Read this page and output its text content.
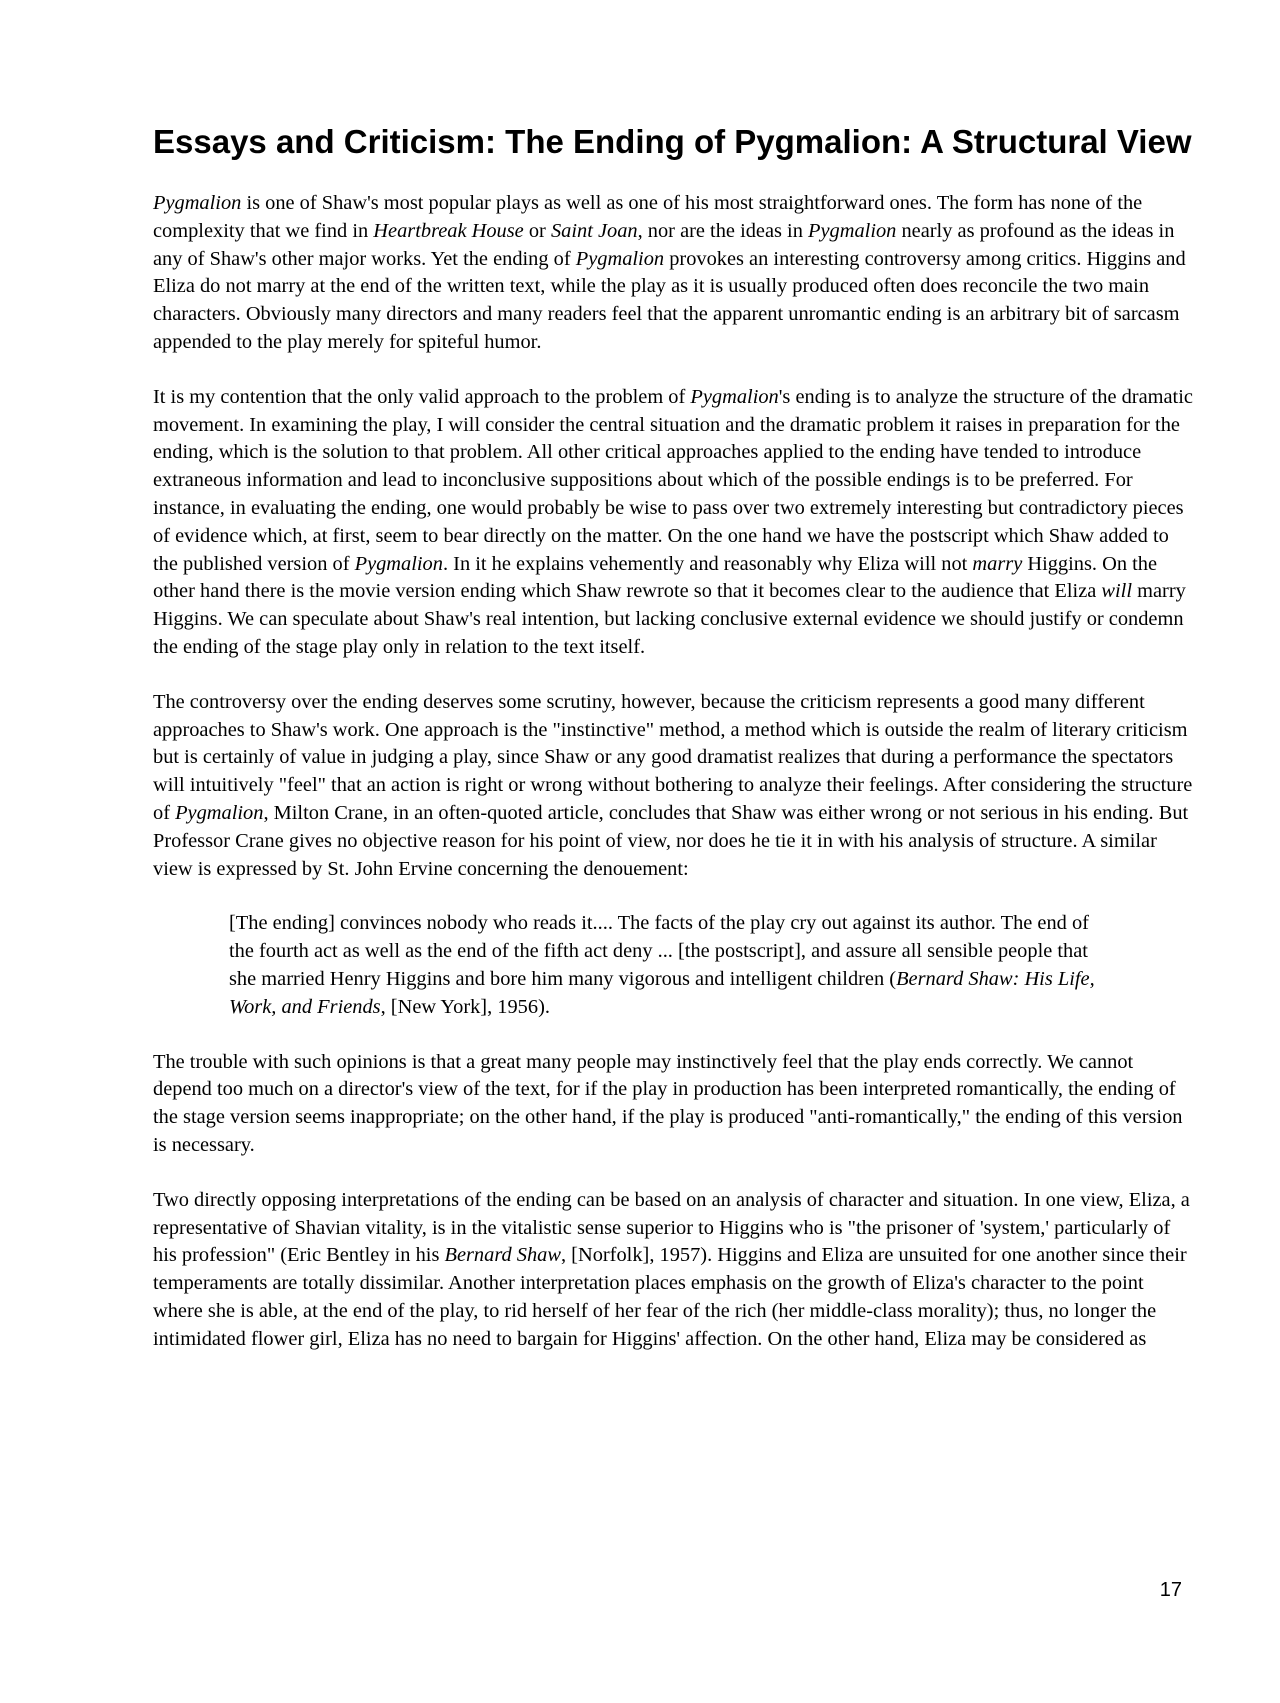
Essays and Criticism: The Ending of Pygmalion: A Structural View

Pygmalion is one of Shaw's most popular plays as well as one of his most straightforward ones. The form has none of the complexity that we find in Heartbreak House or Saint Joan, nor are the ideas in Pygmalion nearly as profound as the ideas in any of Shaw's other major works. Yet the ending of Pygmalion provokes an interesting controversy among critics. Higgins and Eliza do not marry at the end of the written text, while the play as it is usually produced often does reconcile the two main characters. Obviously many directors and many readers feel that the apparent unromantic ending is an arbitrary bit of sarcasm appended to the play merely for spiteful humor.

It is my contention that the only valid approach to the problem of Pygmalion's ending is to analyze the structure of the dramatic movement. In examining the play, I will consider the central situation and the dramatic problem it raises in preparation for the ending, which is the solution to that problem. All other critical approaches applied to the ending have tended to introduce extraneous information and lead to inconclusive suppositions about which of the possible endings is to be preferred. For instance, in evaluating the ending, one would probably be wise to pass over two extremely interesting but contradictory pieces of evidence which, at first, seem to bear directly on the matter. On the one hand we have the postscript which Shaw added to the published version of Pygmalion. In it he explains vehemently and reasonably why Eliza will not marry Higgins. On the other hand there is the movie version ending which Shaw rewrote so that it becomes clear to the audience that Eliza will marry Higgins. We can speculate about Shaw's real intention, but lacking conclusive external evidence we should justify or condemn the ending of the stage play only in relation to the text itself.

The controversy over the ending deserves some scrutiny, however, because the criticism represents a good many different approaches to Shaw's work. One approach is the "instinctive" method, a method which is outside the realm of literary criticism but is certainly of value in judging a play, since Shaw or any good dramatist realizes that during a performance the spectators will intuitively "feel" that an action is right or wrong without bothering to analyze their feelings. After considering the structure of Pygmalion, Milton Crane, in an often-quoted article, concludes that Shaw was either wrong or not serious in his ending. But Professor Crane gives no objective reason for his point of view, nor does he tie it in with his analysis of structure. A similar view is expressed by St. John Ervine concerning the denouement:

[The ending] convinces nobody who reads it.... The facts of the play cry out against its author. The end of the fourth act as well as the end of the fifth act deny ... [the postscript], and assure all sensible people that she married Henry Higgins and bore him many vigorous and intelligent children (Bernard Shaw: His Life, Work, and Friends, [New York], 1956).

The trouble with such opinions is that a great many people may instinctively feel that the play ends correctly. We cannot depend too much on a director's view of the text, for if the play in production has been interpreted romantically, the ending of the stage version seems inappropriate; on the other hand, if the play is produced "anti-romantically," the ending of this version is necessary.

Two directly opposing interpretations of the ending can be based on an analysis of character and situation. In one view, Eliza, a representative of Shavian vitality, is in the vitalistic sense superior to Higgins who is "the prisoner of 'system,' particularly of his profession" (Eric Bentley in his Bernard Shaw, [Norfolk], 1957). Higgins and Eliza are unsuited for one another since their temperaments are totally dissimilar. Another interpretation places emphasis on the growth of Eliza's character to the point where she is able, at the end of the play, to rid herself of her fear of the rich (her middle-class morality); thus, no longer the intimidated flower girl, Eliza has no need to bargain for Higgins' affection. On the other hand, Eliza may be considered as

17
